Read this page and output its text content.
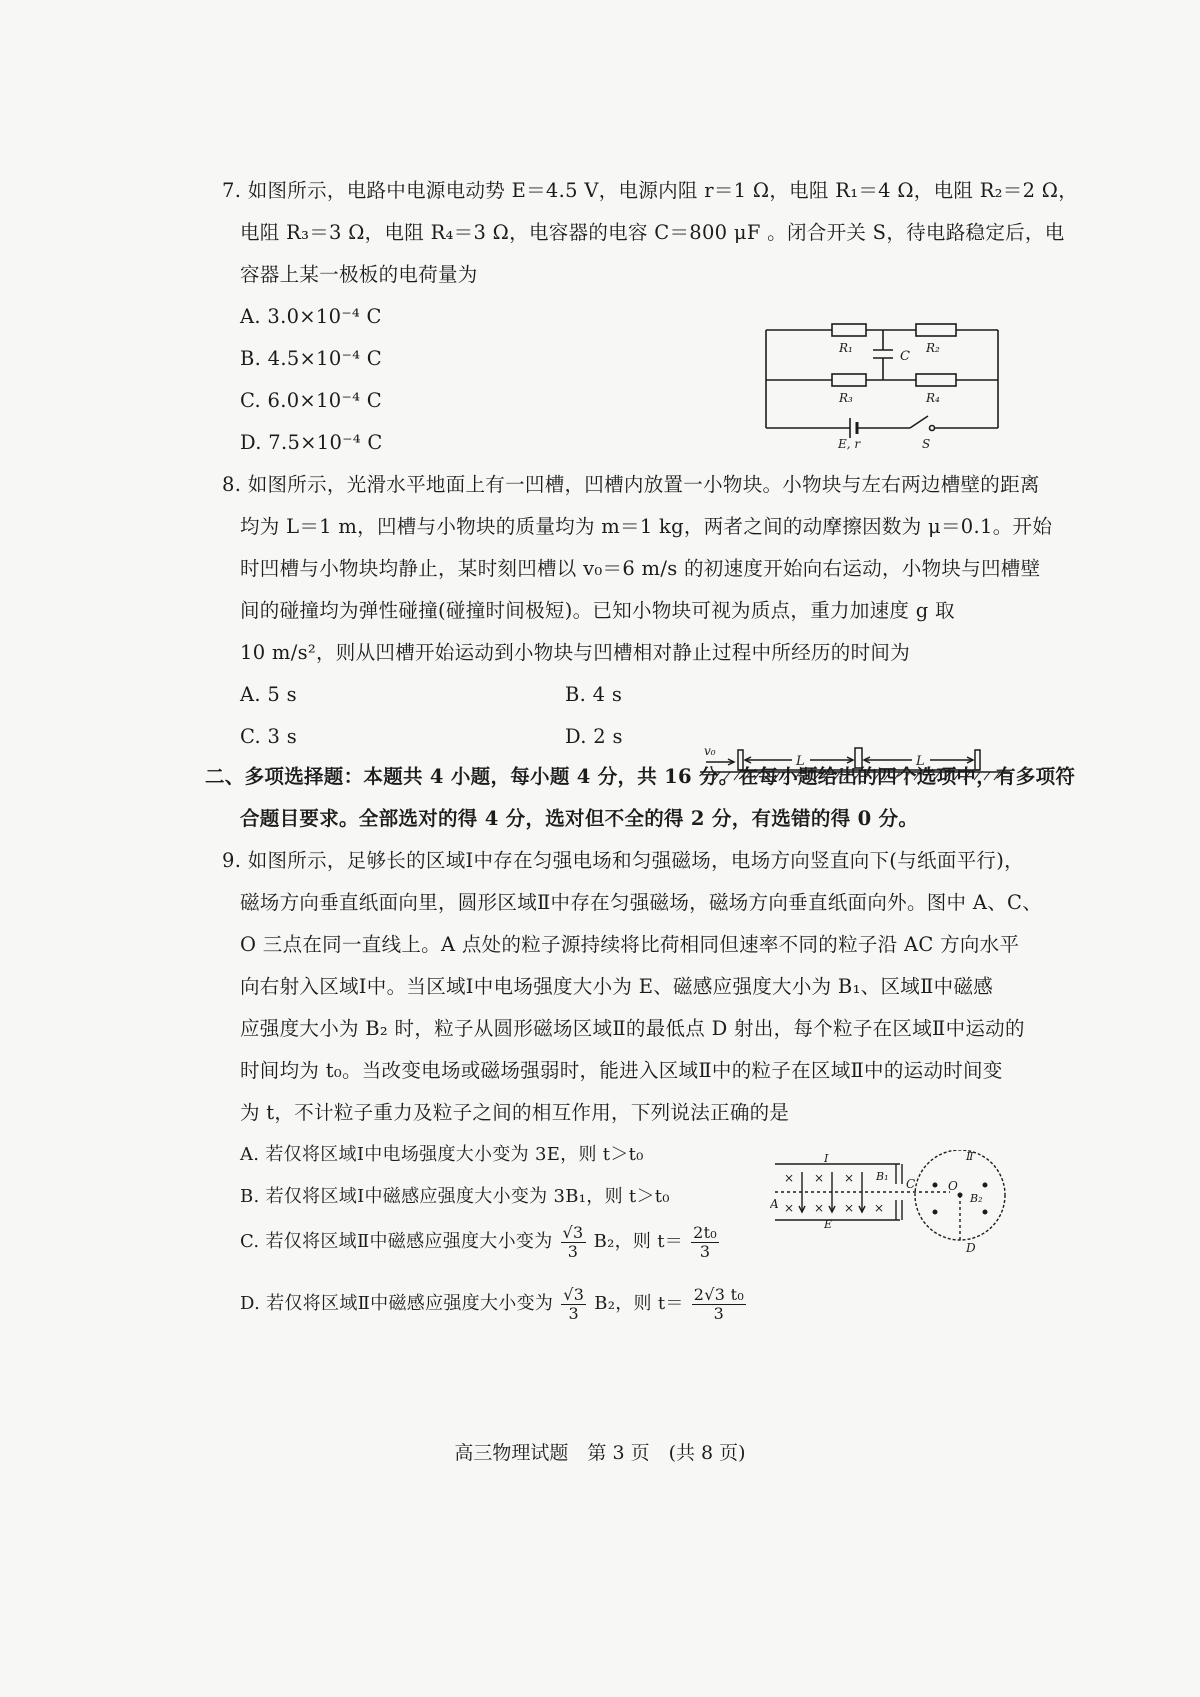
7. 如图所示，电路中电源电动势 E＝4.5 V，电源内阻 r＝1 Ω，电阻 R₁＝4 Ω，电阻 R₂＝2 Ω，
电阻 R₃＝3 Ω，电阻 R₄＝3 Ω，电容器的电容 C＝800 μF 。闭合开关 S，待电路稳定后，电
容器上某一极板的电荷量为
A. 3.0×10⁻⁴ C
B. 4.5×10⁻⁴ C
C. 6.0×10⁻⁴ C
D. 7.5×10⁻⁴ C
R₁	R₂
C
R₃	R₄
E, r	S
8. 如图所示，光滑水平地面上有一凹槽，凹槽内放置一小物块。小物块与左右两边槽壁的距离
均为 L＝1 m，凹槽与小物块的质量均为 m＝1 kg，两者之间的动摩擦因数为 μ＝0.1。开始
时凹槽与小物块均静止，某时刻凹槽以 v₀＝6 m/s 的初速度开始向右运动，小物块与凹槽壁
间的碰撞均为弹性碰撞(碰撞时间极短)。已知小物块可视为质点，重力加速度 g 取
10 m/s²，则从凹槽开始运动到小物块与凹槽相对静止过程中所经历的时间为
A. 5 s	B. 4 s
C. 3 s	D. 2 s
v₀
L	L
二、多项选择题：本题共 4 小题，每小题 4 分，共 16 分。在每小题给出的四个选项中，有多项符
合题目要求。全部选对的得 4 分，选对但不全的得 2 分，有选错的得 0 分。
9. 如图所示，足够长的区域Ⅰ中存在匀强电场和匀强磁场，电场方向竖直向下(与纸面平行)，
磁场方向垂直纸面向里，圆形区域Ⅱ中存在匀强磁场，磁场方向垂直纸面向外。图中 A、C、
O 三点在同一直线上。A 点处的粒子源持续将比荷相同但速率不同的粒子沿 AC 方向水平
向右射入区域Ⅰ中。当区域Ⅰ中电场强度大小为 E、磁感应强度大小为 B₁、区域Ⅱ中磁感
应强度大小为 B₂ 时，粒子从圆形磁场区域Ⅱ的最低点 D 射出，每个粒子在区域Ⅱ中运动的
时间均为 t₀。当改变电场或磁场强弱时，能进入区域Ⅱ中的粒子在区域Ⅱ中的运动时间变
为 t，不计粒子重力及粒子之间的相互作用，下列说法正确的是
A. 若仅将区域Ⅰ中电场强度大小变为 3E，则 t＞t₀
B. 若仅将区域Ⅰ中磁感应强度大小变为 3B₁，则 t＞t₀
C. 若仅将区域Ⅱ中磁感应强度大小变为 $\frac{√3}{3} B_2$，则 $t= \frac{\text{2t₀}}{3}$
D. 若仅将区域Ⅱ中磁感应强度大小变为 $\frac{√3}{3} B_2$，则 $t= \frac{\text{2√3 t₀}}{3}$
× × ×
× × × ×
Ⅰ	Ⅱ
A
C	O
D
B₁
B₂
E
高三物理试题　第 3 页　(共 8 页)
